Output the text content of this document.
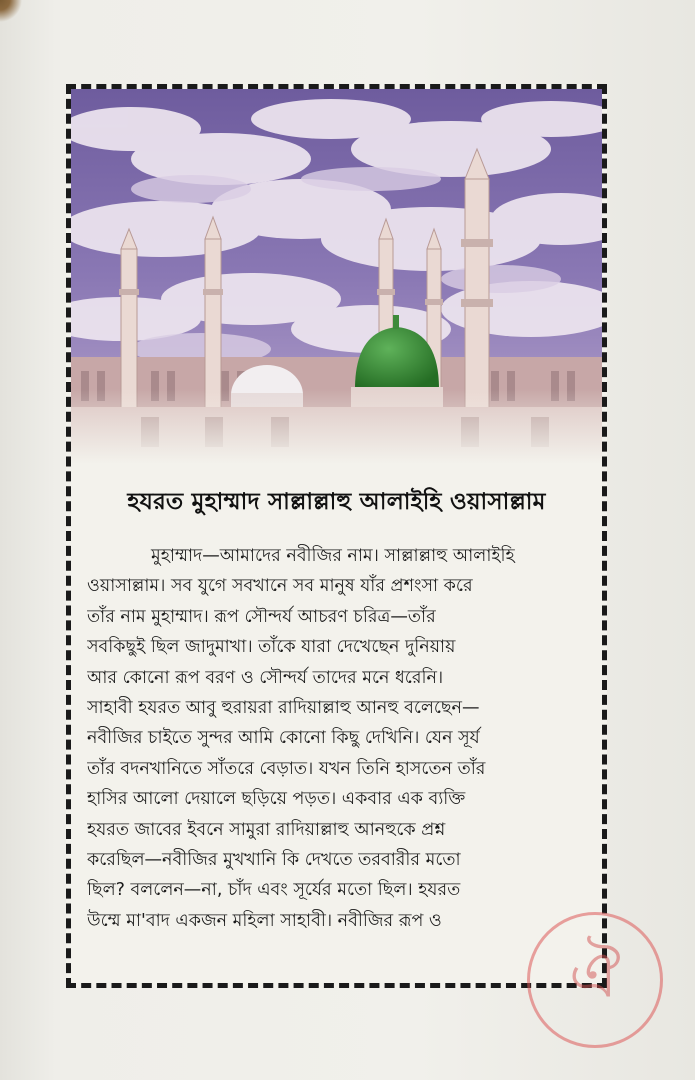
হযরত মুহাম্মাদ সাল্লাল্লাহু আলাইহি ওয়াসাল্লাম
মুহাম্মাদ—আমাদের নবীজির নাম। সাল্লাল্লাহু আলাইহি
ওয়াসাল্লাম। সব যুগে সবখানে সব মানুষ যাঁর প্রশংসা করে
তাঁর নাম মুহাম্মাদ। রূপ সৌন্দর্য আচরণ চরিত্র—তাঁর
সবকিছুই ছিল জাদুমাখা। তাঁকে যারা দেখেছেন দুনিয়ায়
আর কোনো রূপ বরণ ও সৌন্দর্য তাদের মনে ধরেনি।
সাহাবী হযরত আবু হুরায়রা রাদিয়াল্লাহু আনহু বলেছেন—
নবীজির চাইতে সুন্দর আমি কোনো কিছু দেখিনি। যেন সূর্য
তাঁর বদনখানিতে সাঁতরে বেড়াত। যখন তিনি হাসতেন তাঁর
হাসির আলো দেয়ালে ছড়িয়ে পড়ত। একবার এক ব্যক্তি
হযরত জাবের ইবনে সামুরা রাদিয়াল্লাহু আনহুকে প্রশ্ন
করেছিল—নবীজির মুখখানি কি দেখতে তরবারীর মতো
ছিল? বললেন—না, চাঁদ এবং সূর্যের মতো ছিল। হযরত
উম্মে মা'বাদ একজন মহিলা সাহাবী। নবীজির রূপ ও
ঐ
